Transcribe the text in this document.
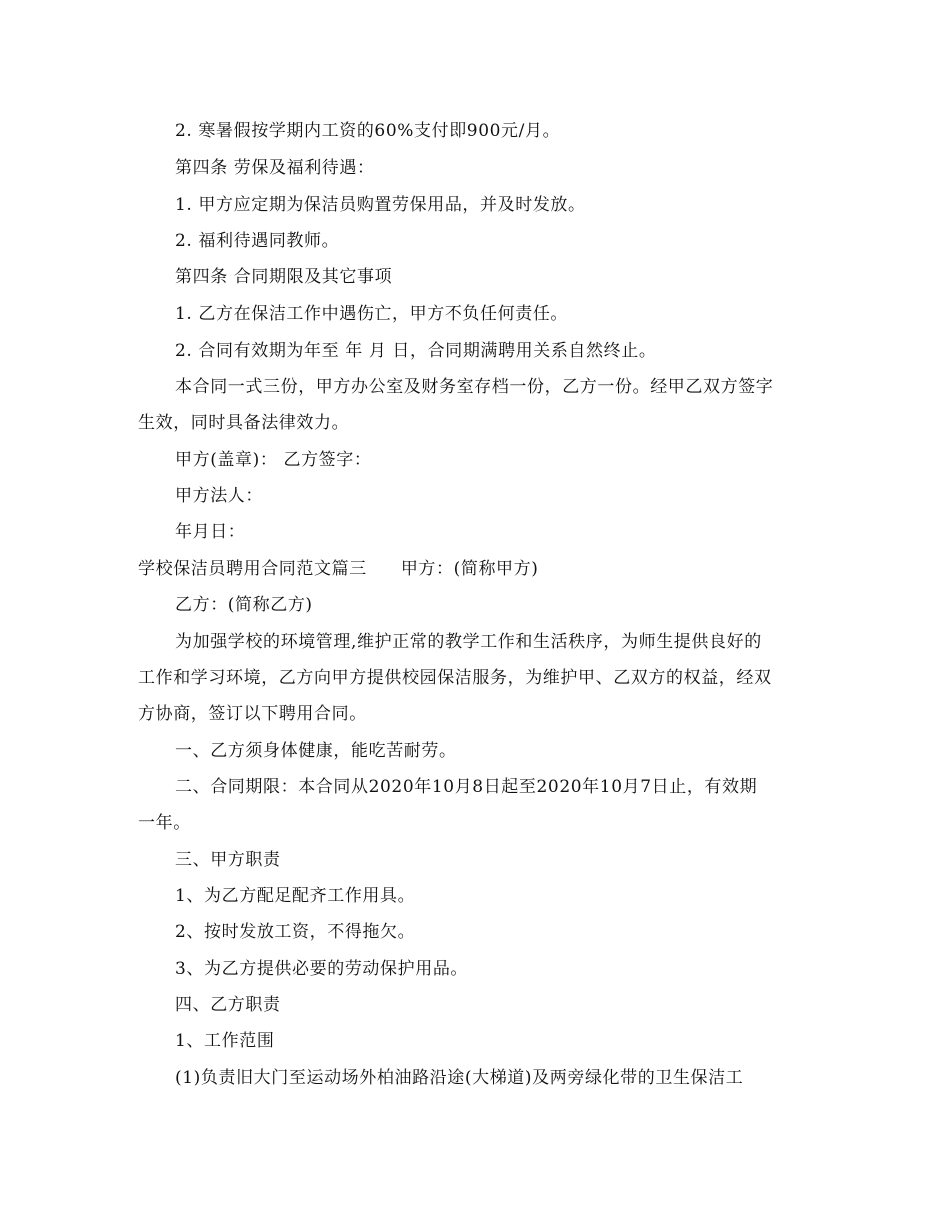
2. 寒暑假按学期内工资的60%支付即900元/月。
第四条 劳保及福利待遇：
1. 甲方应定期为保洁员购置劳保用品，并及时发放。
2. 福利待遇同教师。
第四条 合同期限及其它事项
1. 乙方在保洁工作中遇伤亡，甲方不负任何责任。
2. 合同有效期为年至 年 月 日，合同期满聘用关系自然终止。
本合同一式三份，甲方办公室及财务室存档一份，乙方一份。经甲乙双方签字
生效，同时具备法律效力。
甲方(盖章)： 乙方签字：
甲方法人：
年月日：
学校保洁员聘用合同范文篇三 甲方：(简称甲方)
乙方：(简称乙方)
为加强学校的环境管理,维护正常的教学工作和生活秩序，为师生提供良好的
工作和学习环境，乙方向甲方提供校园保洁服务，为维护甲、乙双方的权益，经双
方协商，签订以下聘用合同。
一、乙方须身体健康，能吃苦耐劳。
二、合同期限：本合同从2020年10月8日起至2020年10月7日止，有效期
一年。
三、甲方职责
1、为乙方配足配齐工作用具。
2、按时发放工资，不得拖欠。
3、为乙方提供必要的劳动保护用品。
四、乙方职责
1、工作范围
(1)负责旧大门至运动场外柏油路沿途(大梯道)及两旁绿化带的卫生保洁工
